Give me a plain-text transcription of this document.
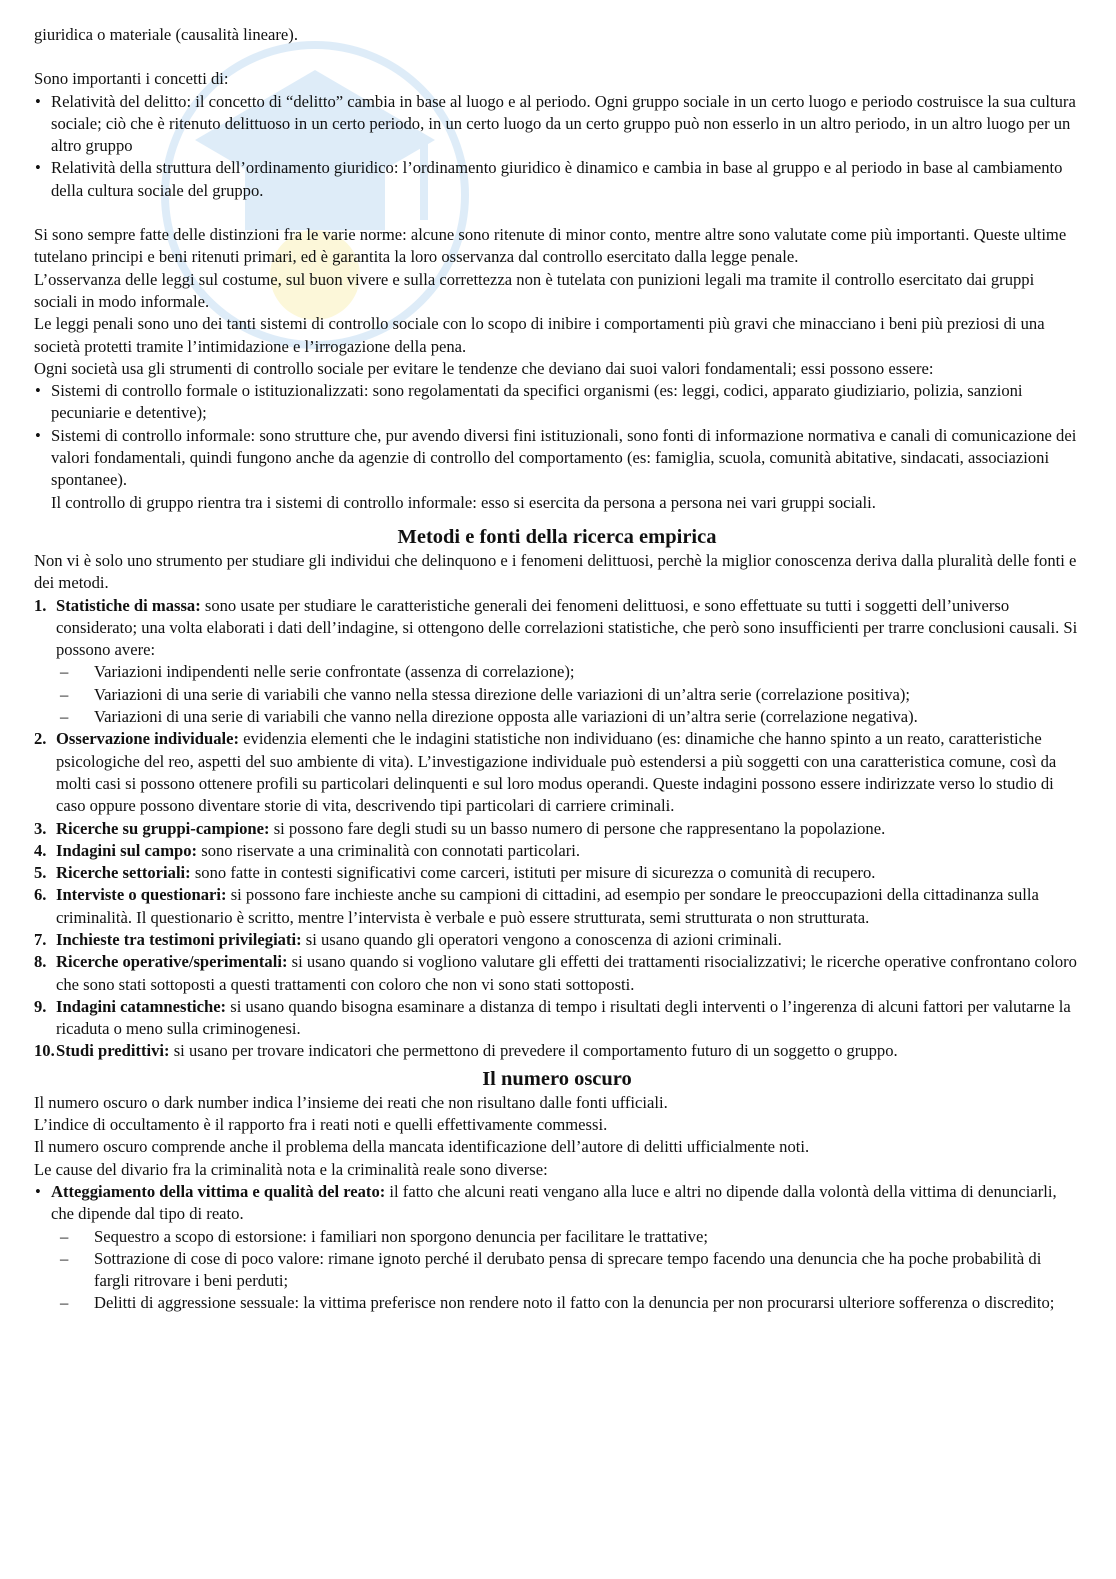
giuridica o materiale (causalità lineare).

Sono importanti i concetti di:

• Relatività del delitto: il concetto di “delitto” cambia in base al luogo e al periodo. Ogni gruppo sociale in un certo luogo e periodo costruisce la sua cultura sociale; ciò che è ritenuto delittuoso in un certo periodo, in un certo luogo da un certo gruppo può non esserlo in un altro periodo, in un altro luogo per un altro gruppo
• Relatività della struttura dell’ordinamento giuridico: l’ordinamento giuridico è dinamico e cambia in base al gruppo e al periodo in base al cambiamento della cultura sociale del gruppo.

Si sono sempre fatte delle distinzioni fra le varie norme: alcune sono ritenute di minor conto, mentre altre sono valutate come più importanti. Queste ultime tutelano principi e beni ritenuti primari, ed è garantita la loro osservanza dal controllo esercitato dalla legge penale.

L’osservanza delle leggi sul costume, sul buon vivere e sulla correttezza non è tutelata con punizioni legali ma tramite il controllo esercitato dai gruppi sociali in modo informale.

Le leggi penali sono uno dei tanti sistemi di controllo sociale con lo scopo di inibire i comportamenti più gravi che minacciano i beni più preziosi di una società protetti tramite l’intimidazione e l’irrogazione della pena.

Ogni società usa gli strumenti di controllo sociale per evitare le tendenze che deviano dai suoi valori fondamentali; essi possono essere:

• Sistemi di controllo formale o istituzionalizzati: sono regolamentati da specifici organismi (es: leggi, codici, apparato giudiziario, polizia, sanzioni pecuniarie e detentive);
• Sistemi di controllo informale: sono strutture che, pur avendo diversi fini istituzionali, sono fonti di informazione normativa e canali di comunicazione dei valori fondamentali, quindi fungono anche da agenzie di controllo del comportamento (es: famiglia, scuola, comunità abitative, sindacati, associazioni spontanee).

Il controllo di gruppo rientra tra i sistemi di controllo informale: esso si esercita da persona a persona nei vari gruppi sociali.

Metodi e fonti della ricerca empirica

Non vi è solo uno strumento per studiare gli individui che delinquono e i fenomeni delittuosi, perchè la miglior conoscenza deriva dalla pluralità delle fonti e dei metodi.

1. Statistiche di massa: sono usate per studiare le caratteristiche generali dei fenomeni delittuosi, e sono effettuate su tutti i soggetti dell’universo considerato; una volta elaborati i dati dell’indagine, si ottengono delle correlazioni statistiche, che però sono insufficienti per trarre conclusioni causali. Si possono avere:
– Variazioni indipendenti nelle serie confrontate (assenza di correlazione);
– Variazioni di una serie di variabili che vanno nella stessa direzione delle variazioni di un’altra serie (correlazione positiva);
– Variazioni di una serie di variabili che vanno nella direzione opposta alle variazioni di un’altra serie (correlazione negativa).
2. Osservazione individuale: evidenzia elementi che le indagini statistiche non individuano (es: dinamiche che hanno spinto a un reato, caratteristiche psicologiche del reo, aspetti del suo ambiente di vita). L’investigazione individuale può estendersi a più soggetti con una caratteristica comune, così da molti casi si possono ottenere profili su particolari delinquenti e sul loro modus operandi. Queste indagini possono essere indirizzate verso lo studio di caso oppure possono diventare storie di vita, descrivendo tipi particolari di carriere criminali.
3. Ricerche su gruppi-campione: si possono fare degli studi su un basso numero di persone che rappresentano la popolazione.
4. Indagini sul campo: sono riservate a una criminalità con connotati particolari.
5. Ricerche settoriali: sono fatte in contesti significativi come carceri, istituti per misure di sicurezza o comunità di recupero.
6. Interviste o questionari: si possono fare inchieste anche su campioni di cittadini, ad esempio per sondare le preoccupazioni della cittadinanza sulla criminalità. Il questionario è scritto, mentre l’intervista è verbale e può essere strutturata, semi strutturata o non strutturata.
7. Inchieste tra testimoni privilegiati: si usano quando gli operatori vengono a conoscenza di azioni criminali.
8. Ricerche operative/sperimentali: si usano quando si vogliono valutare gli effetti dei trattamenti risocializzativi; le ricerche operative confrontano coloro che sono stati sottoposti a questi trattamenti con coloro che non vi sono stati sottoposti.
9. Indagini catamnestiche: si usano quando bisogna esaminare a distanza di tempo i risultati degli interventi o l’ingerenza di alcuni fattori per valutarne la ricaduta o meno sulla criminogenesi.
10. Studi predittivi: si usano per trovare indicatori che permettono di prevedere il comportamento futuro di un soggetto o gruppo.
Il numero oscuro

Il numero oscuro o dark number indica l’insieme dei reati che non risultano dalle fonti ufficiali.

L’indice di occultamento è il rapporto fra i reati noti e quelli effettivamente commessi.

Il numero oscuro comprende anche il problema della mancata identificazione dell’autore di delitti ufficialmente noti.

Le cause del divario fra la criminalità nota e la criminalità reale sono diverse:

• Atteggiamento della vittima e qualità del reato: il fatto che alcuni reati vengano alla luce e altri no dipende dalla volontà della vittima di denunciarli, che dipende dal tipo di reato.
– Sequestro a scopo di estorsione: i familiari non sporgono denuncia per facilitare le trattative;
– Sottrazione di cose di poco valore: rimane ignoto perché il derubato pensa di sprecare tempo facendo una denuncia che ha poche probabilità di fargli ritrovare i beni perduti;
– Delitti di aggressione sessuale: la vittima preferisce non rendere noto il fatto con la denuncia per non procurarsi ulteriore sofferenza o discredito;
